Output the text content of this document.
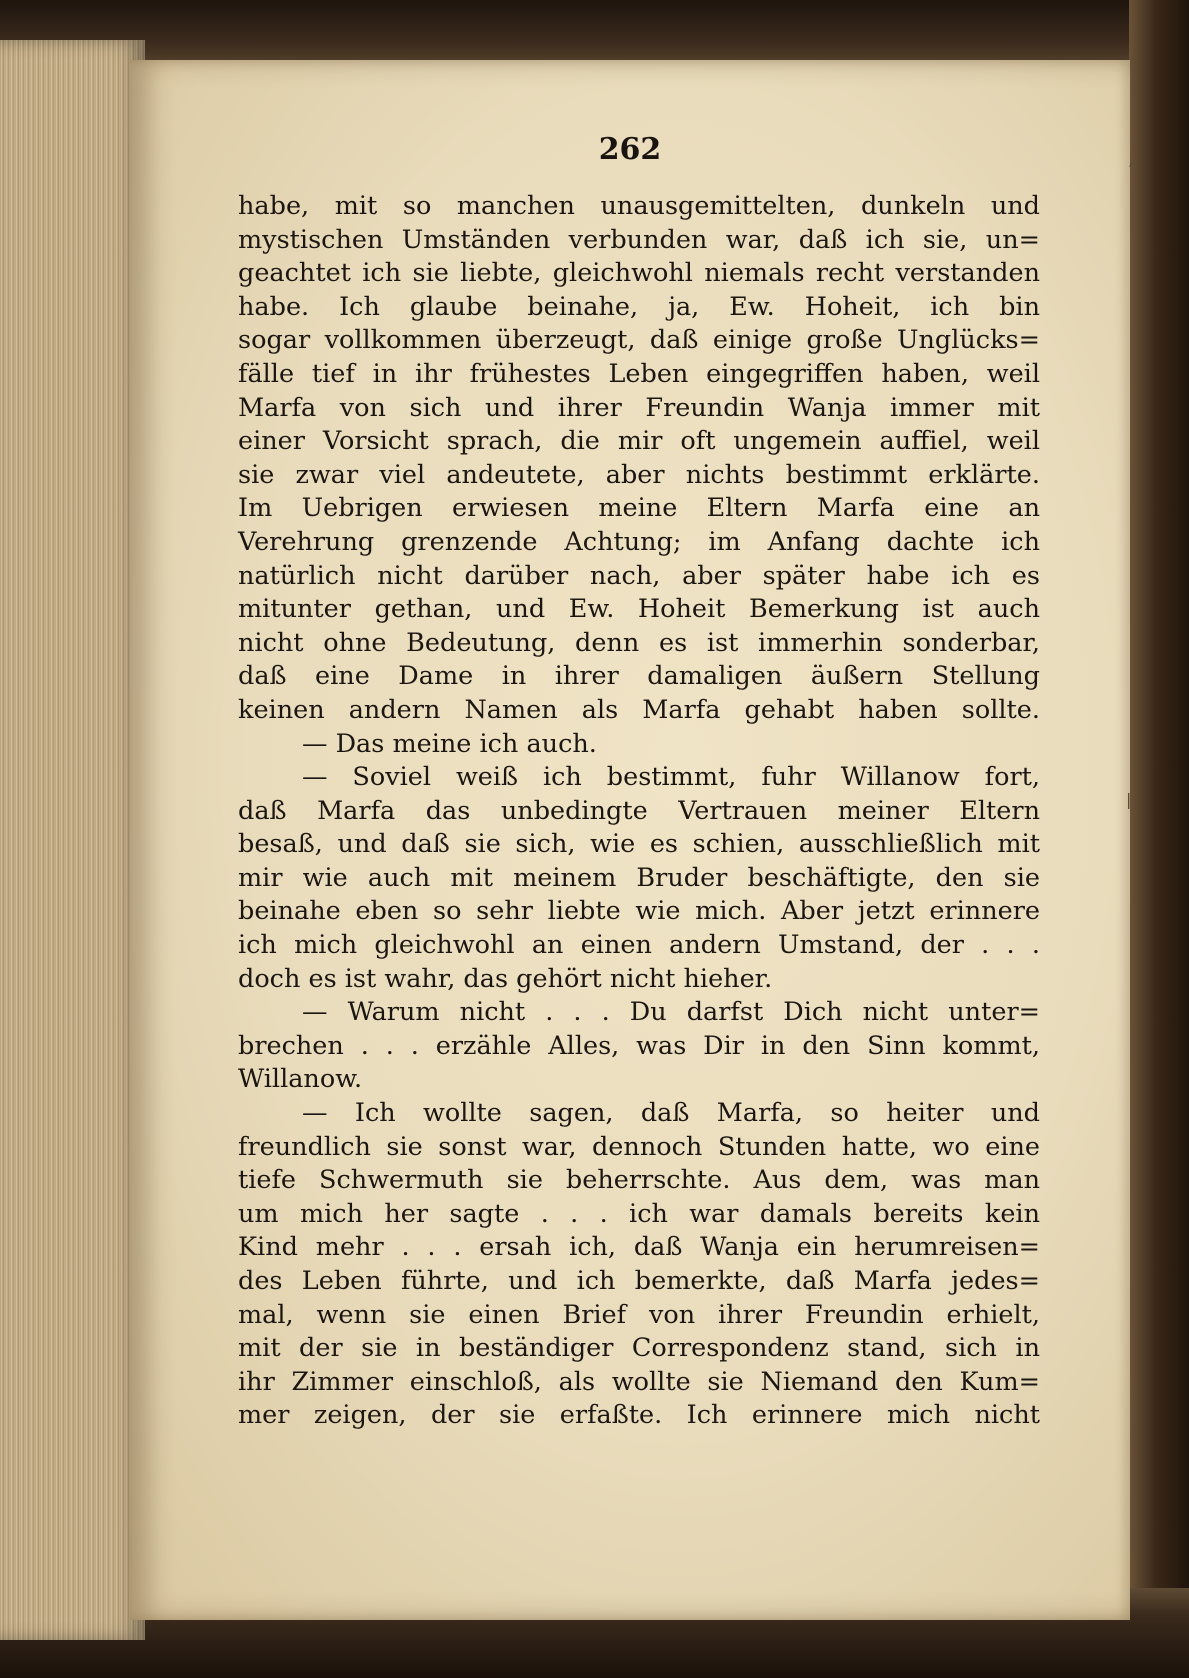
262
habe, mit so manchen unausgemittelten, dunkeln und
mystischen Umständen verbunden war, daß ich sie, un=
geachtet ich sie liebte, gleichwohl niemals recht verstanden
habe. Ich glaube beinahe, ja, Ew. Hoheit, ich bin
sogar vollkommen überzeugt, daß einige große Unglücks=
fälle tief in ihr frühestes Leben eingegriffen haben, weil
Marfa von sich und ihrer Freundin Wanja immer mit
einer Vorsicht sprach, die mir oft ungemein auffiel, weil
sie zwar viel andeutete, aber nichts bestimmt erklärte.
Im Uebrigen erwiesen meine Eltern Marfa eine an
Verehrung grenzende Achtung; im Anfang dachte ich
natürlich nicht darüber nach, aber später habe ich es
mitunter gethan, und Ew. Hoheit Bemerkung ist auch
nicht ohne Bedeutung, denn es ist immerhin sonderbar,
daß eine Dame in ihrer damaligen äußern Stellung
keinen andern Namen als Marfa gehabt haben sollte.
— Das meine ich auch.
— Soviel weiß ich bestimmt, fuhr Willanow fort,
daß Marfa das unbedingte Vertrauen meiner Eltern
besaß, und daß sie sich, wie es schien, ausschließlich mit
mir wie auch mit meinem Bruder beschäftigte, den sie
beinahe eben so sehr liebte wie mich. Aber jetzt erinnere
ich mich gleichwohl an einen andern Umstand, der . . .
doch es ist wahr, das gehört nicht hieher.
— Warum nicht . . . Du darfst Dich nicht unter=
brechen . . . erzähle Alles, was Dir in den Sinn kommt,
Willanow.
— Ich wollte sagen, daß Marfa, so heiter und
freundlich sie sonst war, dennoch Stunden hatte, wo eine
tiefe Schwermuth sie beherrschte. Aus dem, was man
um mich her sagte . . . ich war damals bereits kein
Kind mehr . . . ersah ich, daß Wanja ein herumreisen=
des Leben führte, und ich bemerkte, daß Marfa jedes=
mal, wenn sie einen Brief von ihrer Freundin erhielt,
mit der sie in beständiger Correspondenz stand, sich in
ihr Zimmer einschloß, als wollte sie Niemand den Kum=
mer zeigen, der sie erfaßte. Ich erinnere mich nicht
ʼ
|
